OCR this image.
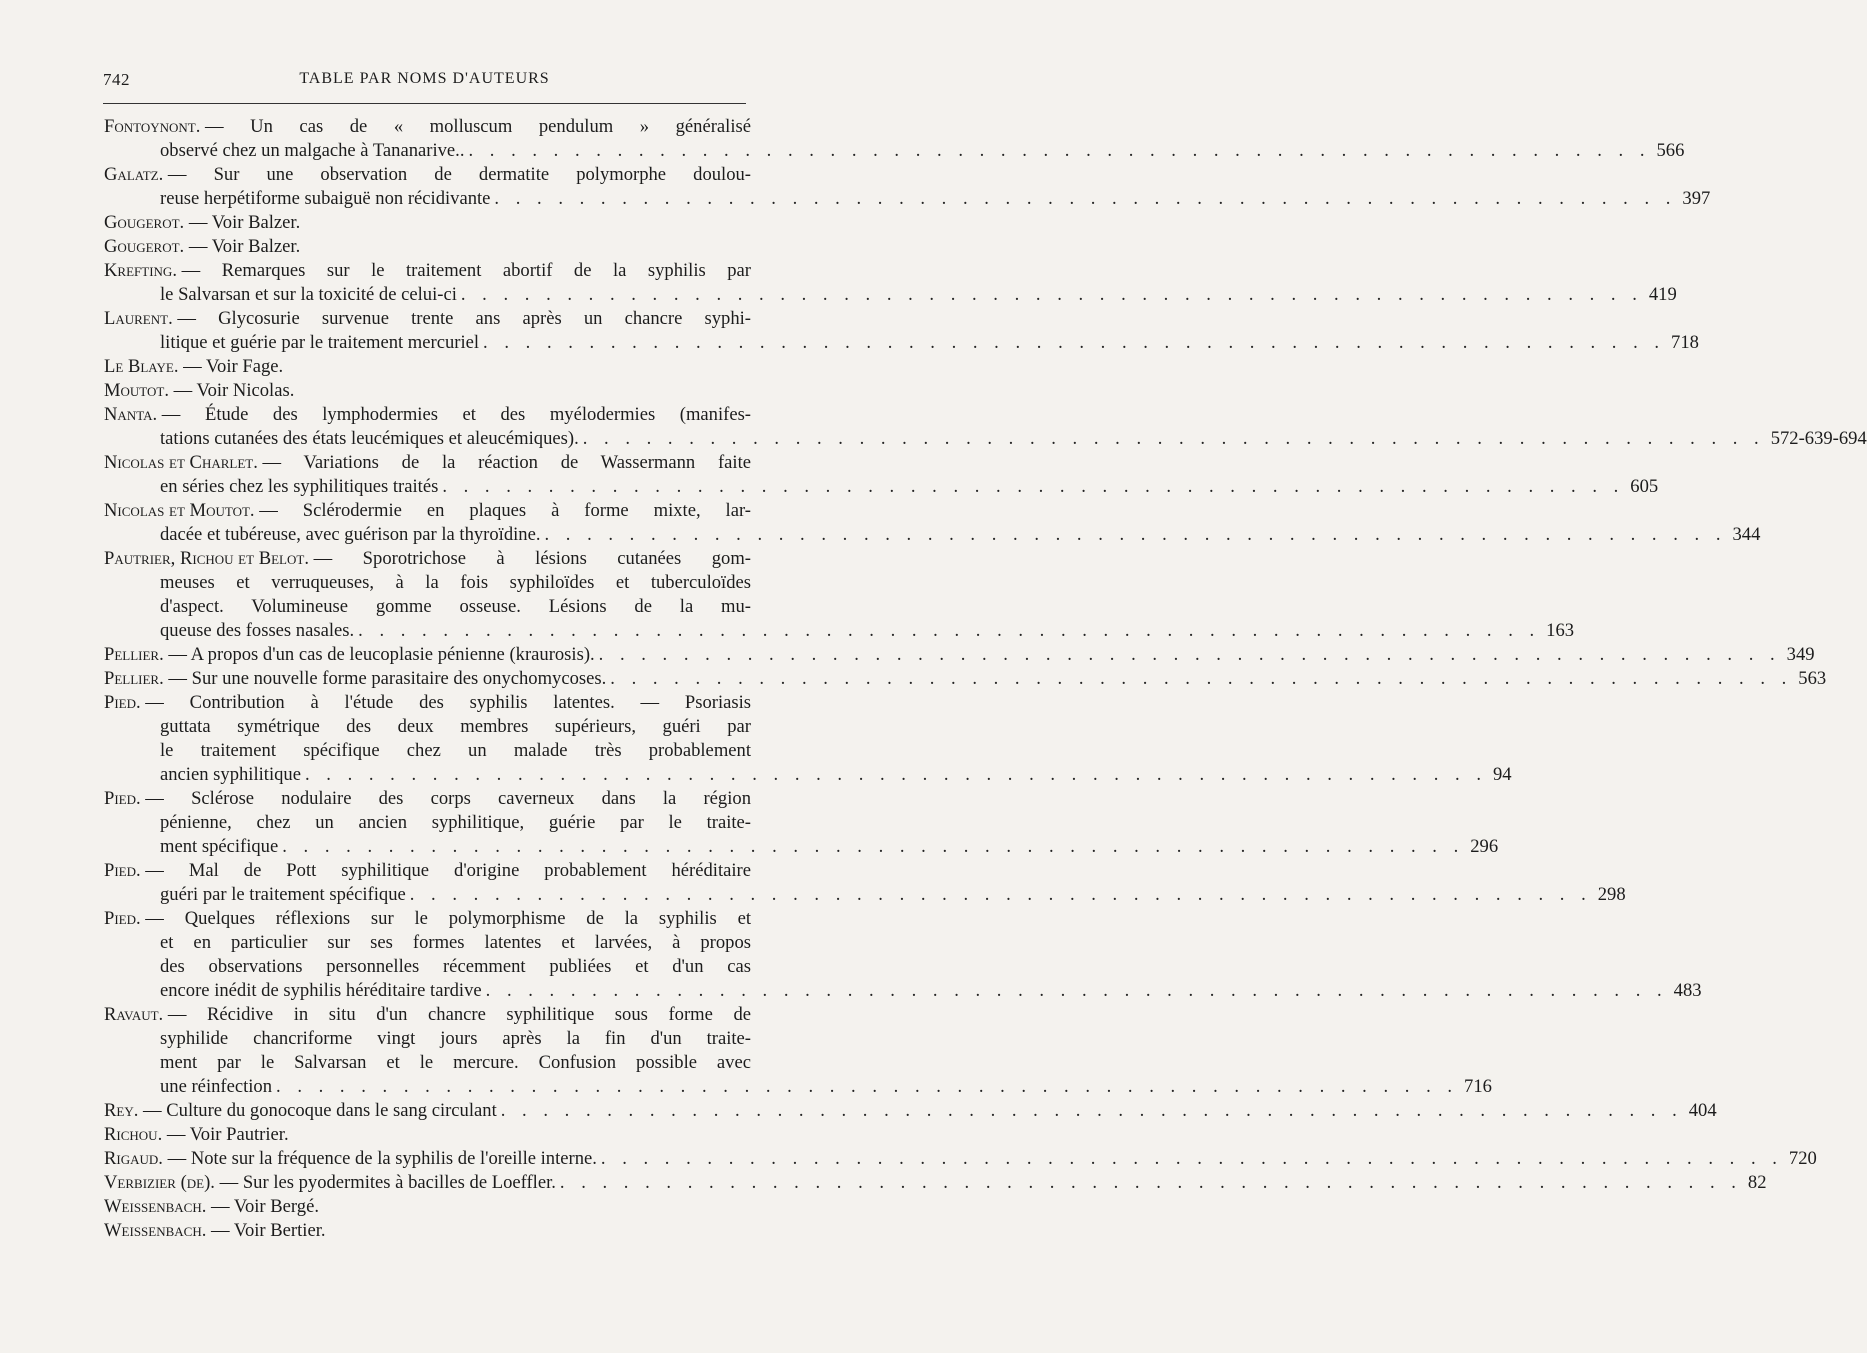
742	TABLE PAR NOMS D'AUTEURS
Fontoynont. — Un cas de « molluscum pendulum » généralisé
observé chez un malgache à Tananarive.. . . .	566
Galatz. — Sur une observation de dermatite polymorphe doulou-
reuse herpétiforme subaiguë non récidivante . . .	397
Gougerot. — Voir Balzer.
Gougerot. — Voir Balzer.
Krefting. — Remarques sur le traitement abortif de la syphilis par
le Salvarsan et sur la toxicité de celui-ci . . .	419
Laurent. — Glycosurie survenue trente ans après un chancre syphi-
litique et guérie par le traitement mercuriel . . .	718
Le Blaye. — Voir Fage.
Moutot. — Voir Nicolas.
Nanta. — Étude des lymphodermies et des myélodermies (manifes-
tations cutanées des états leucémiques et aleucémiques). . . .	572-639-694
Nicolas et Charlet. — Variations de la réaction de Wassermann faite
en séries chez les syphilitiques traités . . .	605
Nicolas et Moutot. — Sclérodermie en plaques à forme mixte, lar-
dacée et tubéreuse, avec guérison par la thyroïdine. . . .	344
Pautrier, Richou et Belot. — Sporotrichose à lésions cutanées gom-
meuses et verruqueuses, à la fois syphiloïdes et tuberculoïdes
d'aspect. Volumineuse gomme osseuse. Lésions de la mu-
queuse des fosses nasales. . . .	163
Pellier. — A propos d'un cas de leucoplasie pénienne (kraurosis). . . .	349
Pellier. — Sur une nouvelle forme parasitaire des onychomycoses. . . .	563
Pied. — Contribution à l'étude des syphilis latentes. — Psoriasis
guttata symétrique des deux membres supérieurs, guéri par
le traitement spécifique chez un malade très probablement
ancien syphilitique . . .	94
Pied. — Sclérose nodulaire des corps caverneux dans la région
pénienne, chez un ancien syphilitique, guérie par le traite-
ment spécifique . . .	296
Pied. — Mal de Pott syphilitique d'origine probablement héréditaire
guéri par le traitement spécifique . . .	298
Pied. — Quelques réflexions sur le polymorphisme de la syphilis et
et en particulier sur ses formes latentes et larvées, à propos
des observations personnelles récemment publiées et d'un cas
encore inédit de syphilis héréditaire tardive . . .	483
Ravaut. — Récidive in situ d'un chancre syphilitique sous forme de
syphilide chancriforme vingt jours après la fin d'un traite-
ment par le Salvarsan et le mercure. Confusion possible avec
une réinfection . . .	716
Rey. — Culture du gonocoque dans le sang circulant . . .	404
Richou. — Voir Pautrier.
Rigaud. — Note sur la fréquence de la syphilis de l'oreille interne. . . .	720
Verbizier (de). — Sur les pyodermites à bacilles de Loeffler. . . .	82
Weissenbach. — Voir Bergé.
Weissenbach. — Voir Bertier.
